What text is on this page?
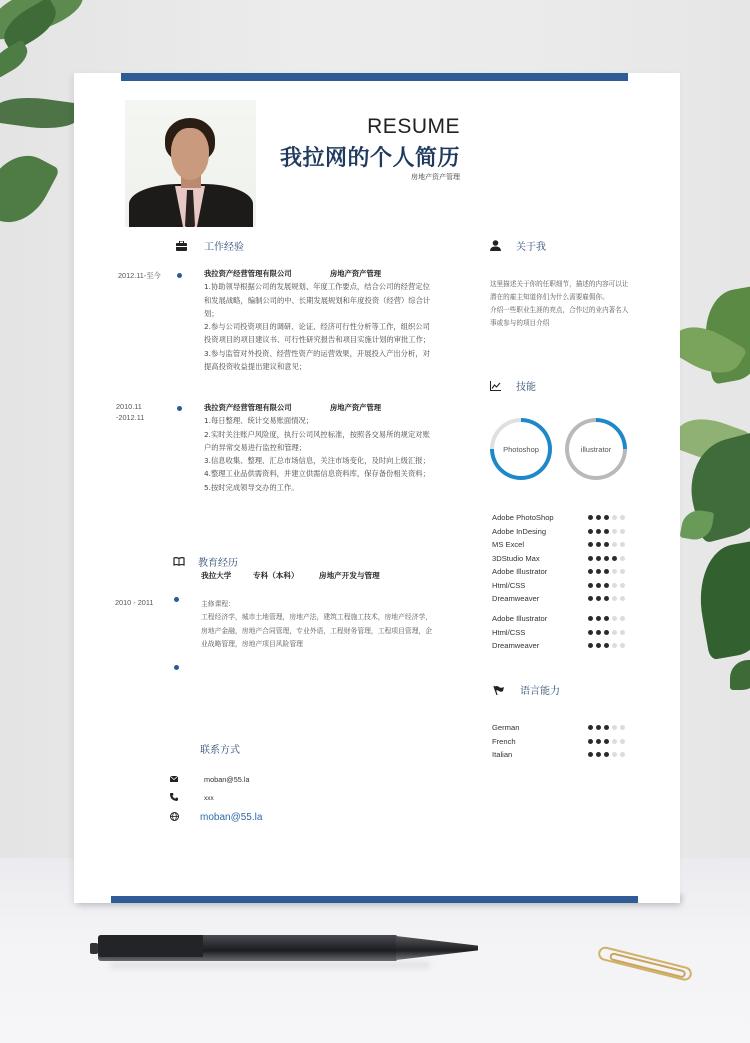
RESUME
我拉网的个人简历
房地产资产管理
工作经验
2012.11-至今	我拉资产经营管理有限公司	房地产资产管理
1.协助领导根据公司的发展规划、年度工作要点，结合公司的经营定位和发展战略，编制公司的中、长期发展规划和年度投资（经营）综合计划；
2.参与公司投资项目的调研、论证、经济可行性分析等工作，组织公司投资项目的项目建议书、可行性研究报告和项目实施计划的审批工作；
3.参与监管对外投资、经营性资产的运营效果，开展投入产出分析，对提高投资收益提出建议和意见；
2010.11
-2012.11
我拉资产经营管理有限公司	房地产资产管理
1.每日整理、统计交易账面情况；
2.实时关注账户风险度，执行公司风控标准，按照各交易所的规定对账户的异常交易进行监控和管理；
3.信息收集、整理、汇总市场信息，关注市场变化，及时向上级汇报；
4.整理工业品供需资料，并建立供需信息资料库，保存备份相关资料；
5.按时完成领导交办的工作。
教育经历
我拉大学	专科（本科）	房地产开发与管理
2010 - 2011	主修课程：
工程经济学，城市土地管理，房地产法，建筑工程施工技术，房地产经济学，房地产金融，房地产合同管理，专业外语，工程财务管理，工程项目管理，企业战略管理，房地产项目风险管理
联系方式
moban@55.la
xxx
moban@55.la
关于我
这里描述关于你的任职细节，描述的内容可以让潜在的雇主知道你们为什么需要雇佣你。
介绍一些职业生涯的亮点，合作过的业内著名人事或参与的项目介绍
技能
Photoshop	illustrator
Adobe PhotoShop
Adobe InDesing
MS Excel
3DStudio Max
Adobe Illustrator
Html/CSS
Dreamweaver
Adobe Illustrator
Html/CSS
Dreamweaver
语言能力
German
French
Italian
